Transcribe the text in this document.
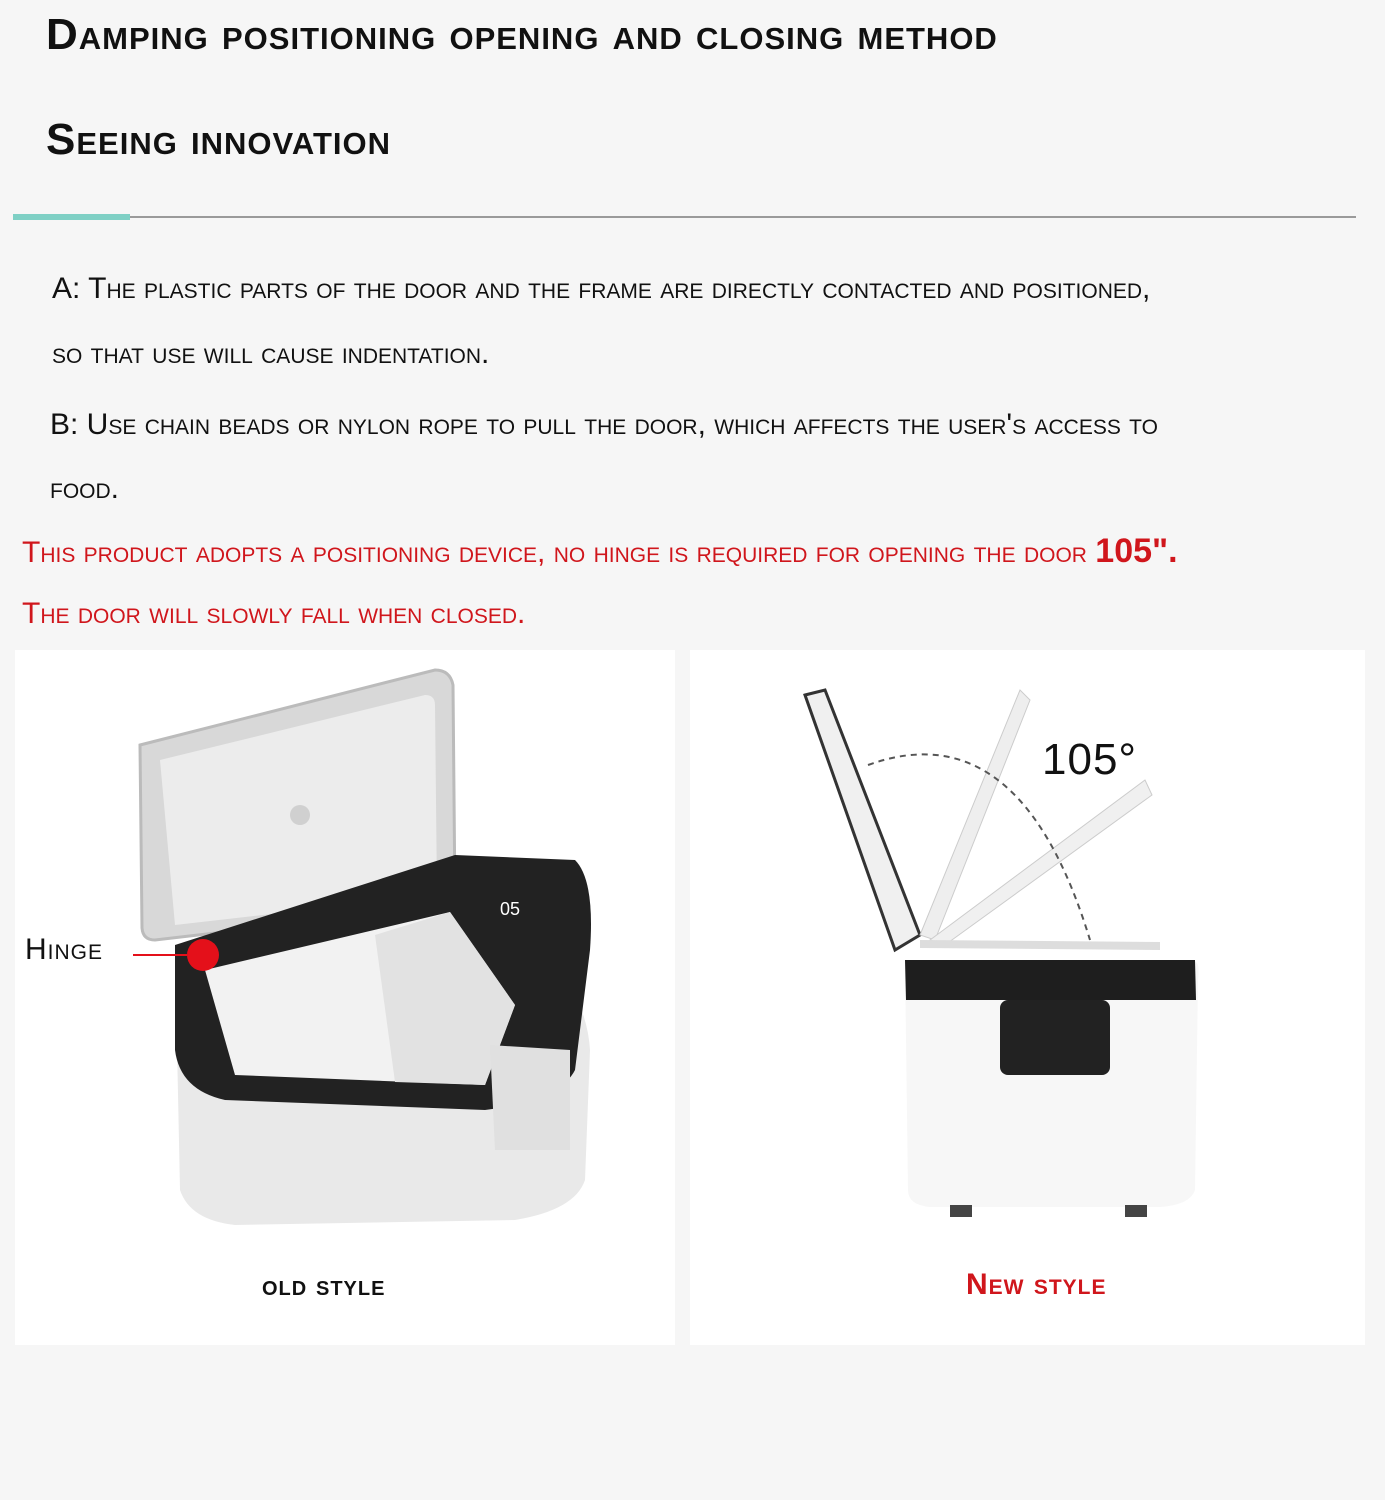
Damping positioning opening and closing method
Seeing innovation
A: The plastic parts of the door and the frame are directly contacted and positioned,
so that use will cause indentation.
B: Use chain beads or nylon rope to pull the door, which affects the user's access to
food.
This product adopts a positioning device, no hinge is required for opening the door 105".
The door will slowly fall when closed.
05
Hinge
old style
105°
New style
